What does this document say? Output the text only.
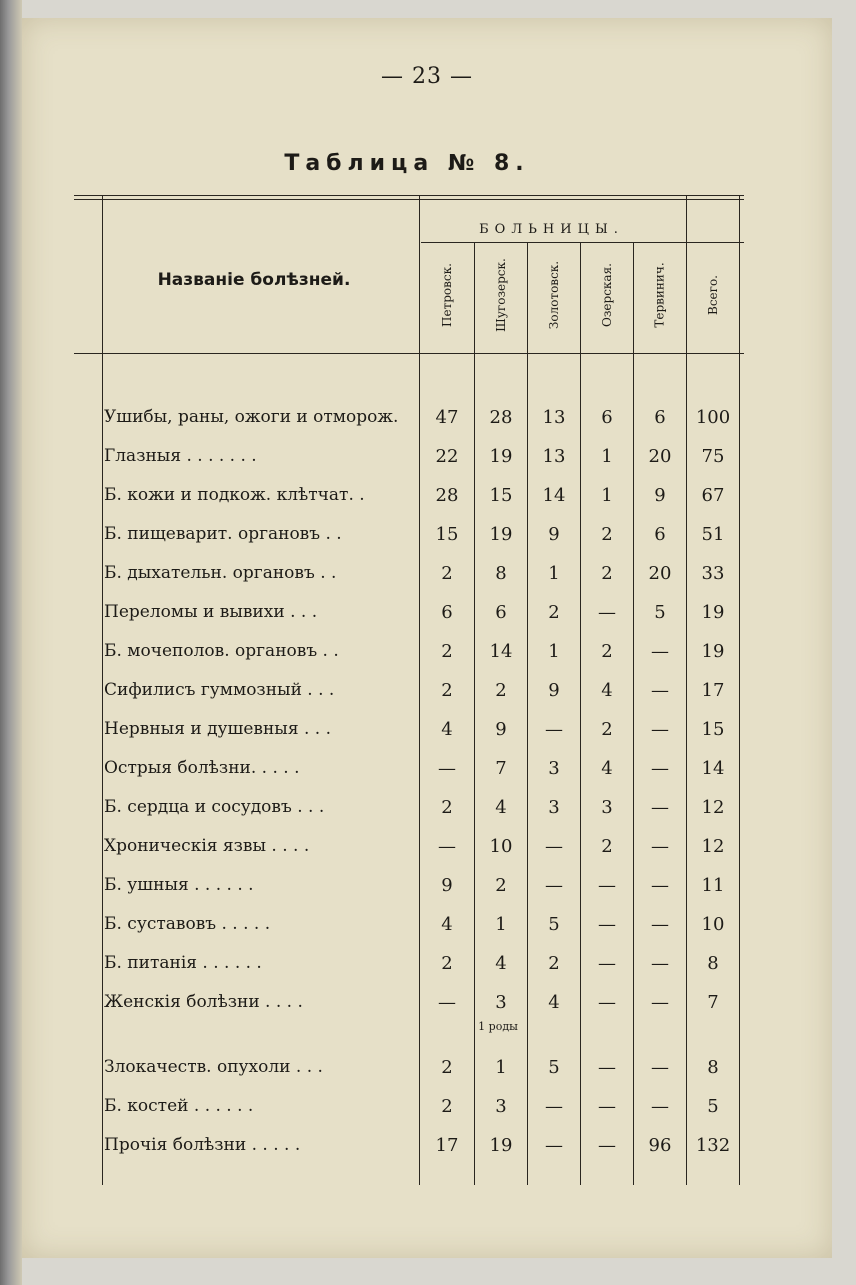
— 23 —
Таблица № 8.
Названіе болѣзней.
БОЛЬНИЦЫ.
Петровск.	Шугозерск.	Золотовск.	Озерская.	Тервинич.	Всего.
Ушибы, раны, ожоги и отморож.	47	28	13	6	6	100
Глазныя . . . . . . .	22	19	13	1	20	75
Б. кожи и подкож. клѣтчат. .	28	15	14	1	9	67
Б. пищеварит. органовъ . .	15	19	9	2	6	51
Б. дыхательн. органовъ . .	2	8	1	2	20	33
Переломы и вывихи . . .	6	6	2	—	5	19
Б. мочеполов. органовъ . .	2	14	1	2	—	19
Сифилисъ гуммозный . . .	2	2	9	4	—	17
Нервныя и душевныя . . .	4	9	—	2	—	15
Острыя болѣзни. . . . .	—	7	3	4	—	14
Б. сердца и сосудовъ . . .	2	4	3	3	—	12
Хроническія язвы . . . .	—	10	—	2	—	12
Б. ушныя . . . . . .	9	2	—	—	—	11
Б. суставовъ . . . . .	4	1	5	—	—	10
Б. питанія . . . . . .	2	4	2	—	—	8
Женскія болѣзни . . . .	—	3	4	—	—	7
Злокачеств. опухоли . . .	2	1	5	—	—	8
Б. костей . . . . . .	2	3	—	—	—	5
Прочія болѣзни . . . . .	17	19	—	—	96	132
1 роды
